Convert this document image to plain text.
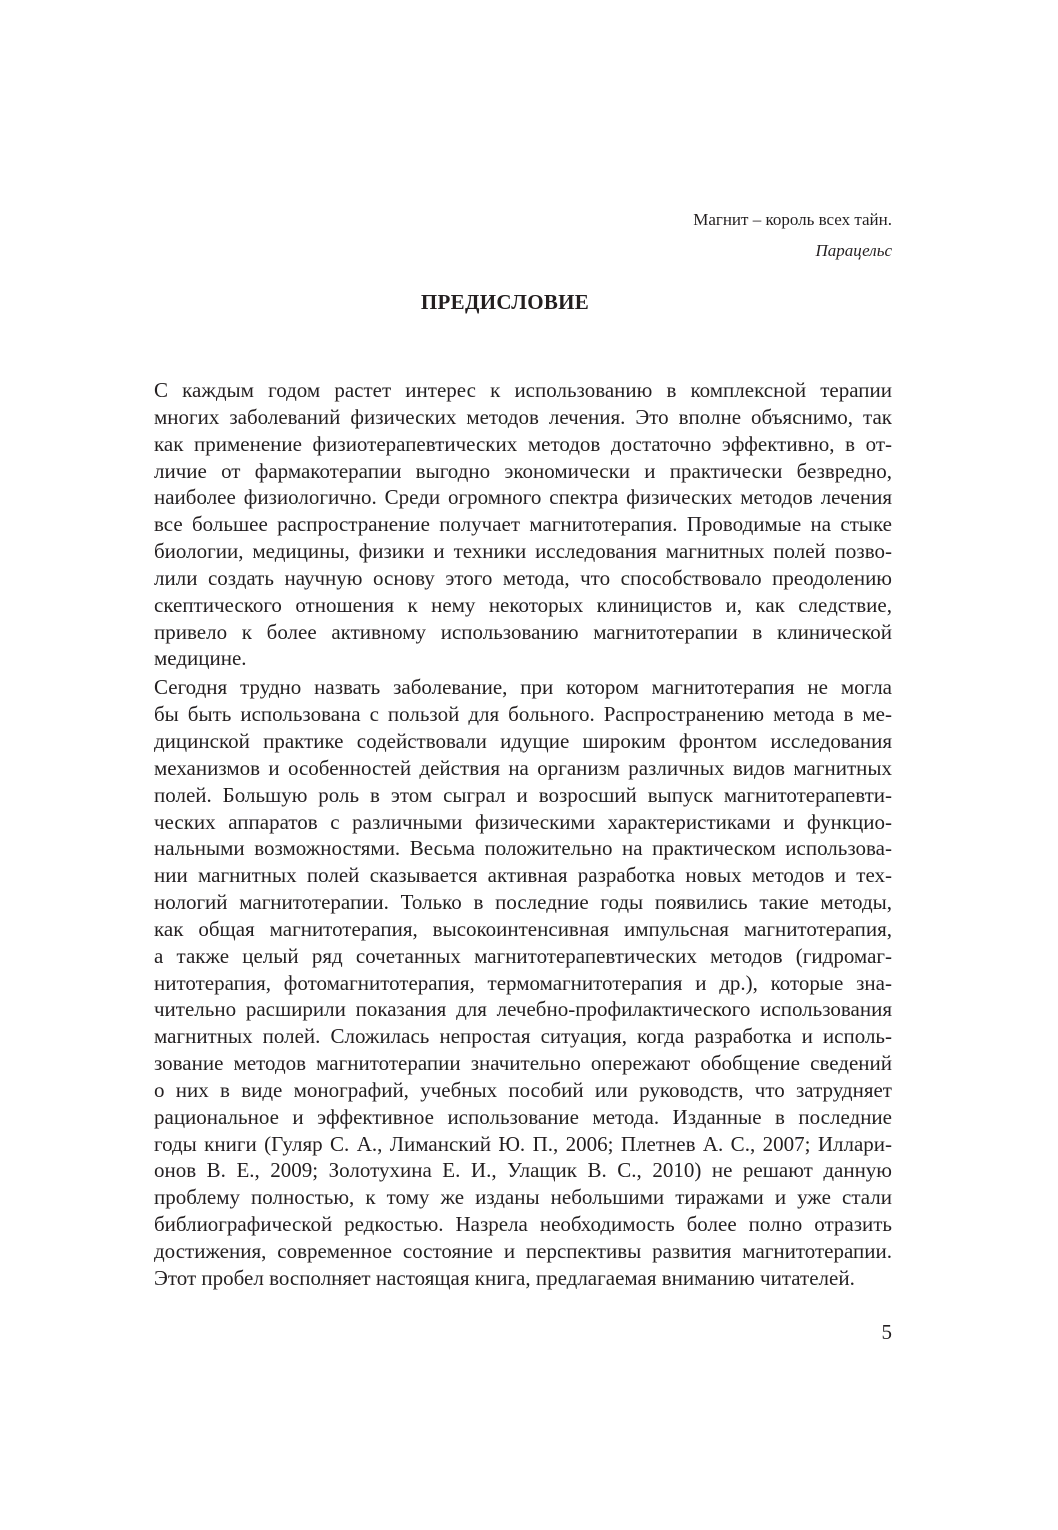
Магнит – король всех тайн.
Парацельс
ПРЕДИСЛОВИЕ

С каждым годом растет интерес к использованию в комплексной терапии
многих заболеваний физических методов лечения. Это вполне объяснимо, так
как применение физиотерапевтических методов достаточно эффективно, в от-
личие от фармакотерапии выгодно экономически и практически безвредно,
наиболее физиологично. Среди огромного спектра физических методов лечения
все большее распространение получает магнитотерапия. Проводимые на стыке
биологии, медицины, физики и техники исследования магнитных полей позво-
лили создать научную основу этого метода, что способствовало преодолению
скептического отношения к нему некоторых клиницистов и, как следствие,
привело к более активному использованию магнитотерапии в клинической
медицине.

Сегодня трудно назвать заболевание, при котором магнитотерапия не могла
бы быть использована с пользой для больного. Распространению метода в ме-
дицинской практике содействовали идущие широким фронтом исследования
механизмов и особенностей действия на организм различных видов магнитных
полей. Большую роль в этом сыграл и возросший выпуск магнитотерапевти-
ческих аппаратов с различными физическими характеристиками и функцио-
нальными возможностями. Весьма положительно на практическом использова-
нии магнитных полей сказывается активная разработка новых методов и тех-
нологий магнитотерапии. Только в последние годы появились такие методы,
как общая магнитотерапия, высокоинтенсивная импульсная магнитотерапия,
а также целый ряд сочетанных магнитотерапевтических методов (гидромаг-
нитотерапия, фотомагнитотерапия, термомагнитотерапия и др.), которые зна-
чительно расширили показания для лечебно-профилактического использования
магнитных полей. Сложилась непростая ситуация, когда разработка и исполь-
зование методов магнитотерапии значительно опережают обобщение сведений
о них в виде монографий, учебных пособий или руководств, что затрудняет
рациональное и эффективное использование метода. Изданные в последние
годы книги (Гуляр С. А., Лиманский Ю. П., 2006; Плетнев А. С., 2007; Иллари-
онов В. Е., 2009; Золотухина Е. И., Улащик В. С., 2010) не решают данную
проблему полностью, к тому же изданы небольшими тиражами и уже стали
библиографической редкостью. Назрела необходимость более полно отразить
достижения, современное состояние и перспективы развития магнитотерапии.
Этот пробел восполняет настоящая книга, предлагаемая вниманию читателей.

5
